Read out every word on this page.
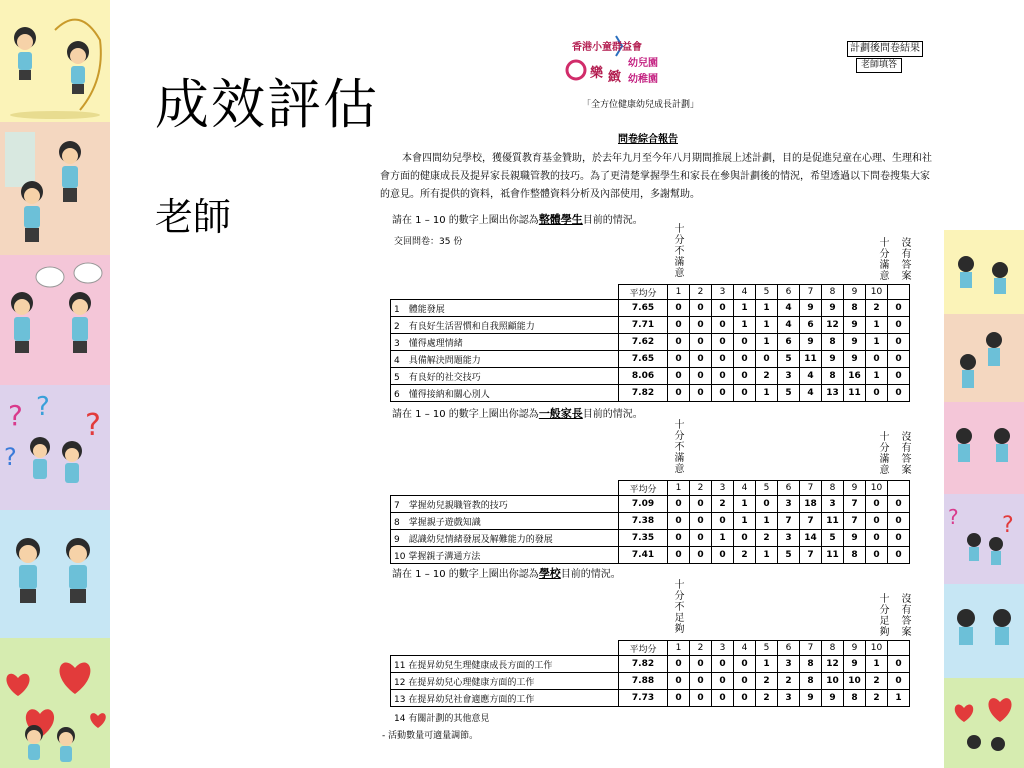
? ?
?
?
? ?
成效評估
老師
香港小童群益會
樂 緻
幼兒園
幼稚園
「全方位健康幼兒成長計劃」
計劃後問卷結果
老師填答
問卷綜合報告
本會四間幼兒學校，獲優質教育基金贊助，於去年九月至今年八月期間推展上述計劃，目的是促進兒童在心理、生理和社會方面的健康成長及提昇家長親職管教的技巧。為了更清楚掌握學生和家長在參與計劃後的情況，希望透過以下問卷搜集大家的意見。所有提供的資料，祗會作整體資料分析及內部使用，多謝幫助。
請在 1 – 10 的數字上圈出你認為整體學生目前的情況。
交回問卷：35 份
十分不滿意
十分滿意
沒有答案
	平均分	1	2	3	4	5	6	7	8	9	10	
1　體能發展	7.65	0	0	0	1	1	4	9	9	8	2	0
2　有良好生活習慣和自我照顧能力	7.71	0	0	0	1	1	4	6	12	9	1	0
3　懂得處理情緒	7.62	0	0	0	0	1	6	9	8	9	1	0
4　具備解決問題能力	7.65	0	0	0	0	0	5	11	9	9	0	0
5　有良好的社交技巧	8.06	0	0	0	0	2	3	4	8	16	1	0
6　懂得接納和關心別人	7.82	0	0	0	0	1	5	4	13	11	0	0
請在 1 – 10 的數字上圈出你認為一般家長目前的情況。
十分不滿意
十分滿意
沒有答案
	平均分	1	2	3	4	5	6	7	8	9	10	
7　掌握幼兒親職管教的技巧	7.09	0	0	2	1	0	3	18	3	7	0	0
8　掌握親子遊戲知識	7.38	0	0	0	1	1	7	7	11	7	0	0
9　認識幼兒情緒發展及解難能力的發展	7.35	0	0	1	0	2	3	14	5	9	0	0
10 掌握親子溝通方法	7.41	0	0	0	2	1	5	7	11	8	0	0
請在 1 – 10 的數字上圈出你認為學校目前的情況。
十分不足夠
十分足夠
沒有答案
	平均分	1	2	3	4	5	6	7	8	9	10	
11 在提昇幼兒生理健康成長方面的工作	7.82	0	0	0	0	1	3	8	12	9	1	0
12 在提昇幼兒心理健康方面的工作	7.88	0	0	0	0	2	2	8	10	10	2	0
13 在提昇幼兒社會適應方面的工作	7.73	0	0	0	0	2	3	9	9	8	2	1
14 有關計劃的其他意見
- 活動數量可適量調節。
